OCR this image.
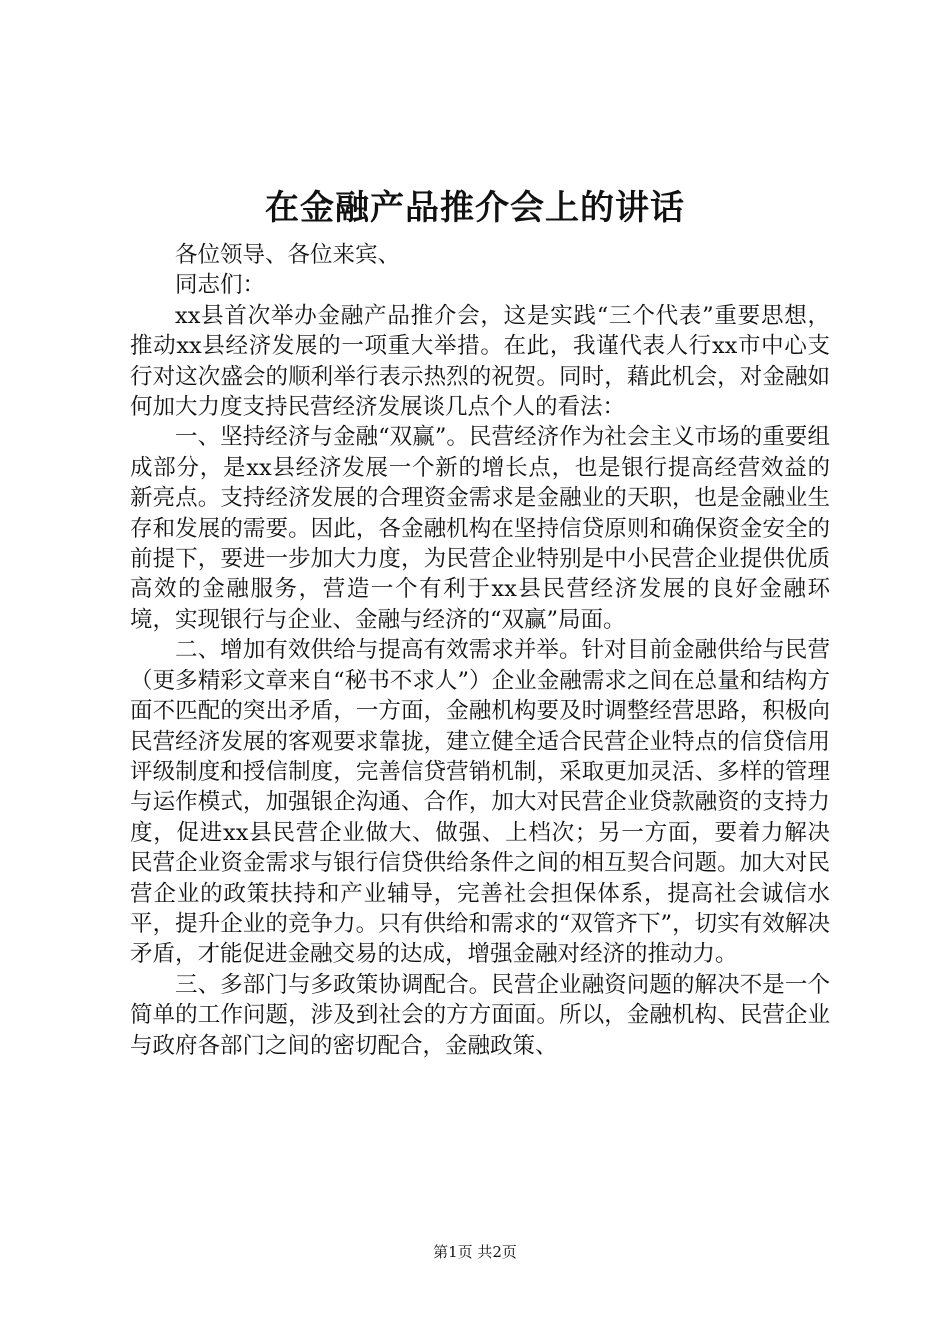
在金融产品推介会上的讲话

各位领导、各位来宾、

同志们：

xx县首次举办金融产品推介会，这是实践“三个代表”重要思想，推动xx县经济发展的一项重大举措。在此，我谨代表人行xx市中心支行对这次盛会的顺利举行表示热烈的祝贺。同时，藉此机会，对金融如何加大力度支持民营经济发展谈几点个人的看法：

一、坚持经济与金融“双赢”。民营经济作为社会主义市场的重要组成部分，是xx县经济发展一个新的增长点，也是银行提高经营效益的新亮点。支持经济发展的合理资金需求是金融业的天职，也是金融业生存和发展的需要。因此，各金融机构在坚持信贷原则和确保资金安全的前提下，要进一步加大力度，为民营企业特别是中小民营企业提供优质高效的金融服务，营造一个有利于xx县民营经济发展的良好金融环境，实现银行与企业、金融与经济的“双赢”局面。

二、增加有效供给与提高有效需求并举。针对目前金融供给与民营（更多精彩文章来自“秘书不求人”）企业金融需求之间在总量和结构方面不匹配的突出矛盾，一方面，金融机构要及时调整经营思路，积极向民营经济发展的客观要求靠拢，建立健全适合民营企业特点的信贷信用评级制度和授信制度，完善信贷营销机制，采取更加灵活、多样的管理与运作模式，加强银企沟通、合作，加大对民营企业贷款融资的支持力度，促进xx县民营企业做大、做强、上档次；另一方面，要着力解决民营企业资金需求与银行信贷供给条件之间的相互契合问题。加大对民营企业的政策扶持和产业辅导，完善社会担保体系，提高社会诚信水平，提升企业的竞争力。只有供给和需求的“双管齐下”，切实有效解决矛盾，才能促进金融交易的达成，增强金融对经济的推动力。

三、多部门与多政策协调配合。民营企业融资问题的解决不是一个简单的工作问题，涉及到社会的方方面面。所以，金融机构、民营企业与政府各部门之间的密切配合，金融政策、

第1页 共2页
